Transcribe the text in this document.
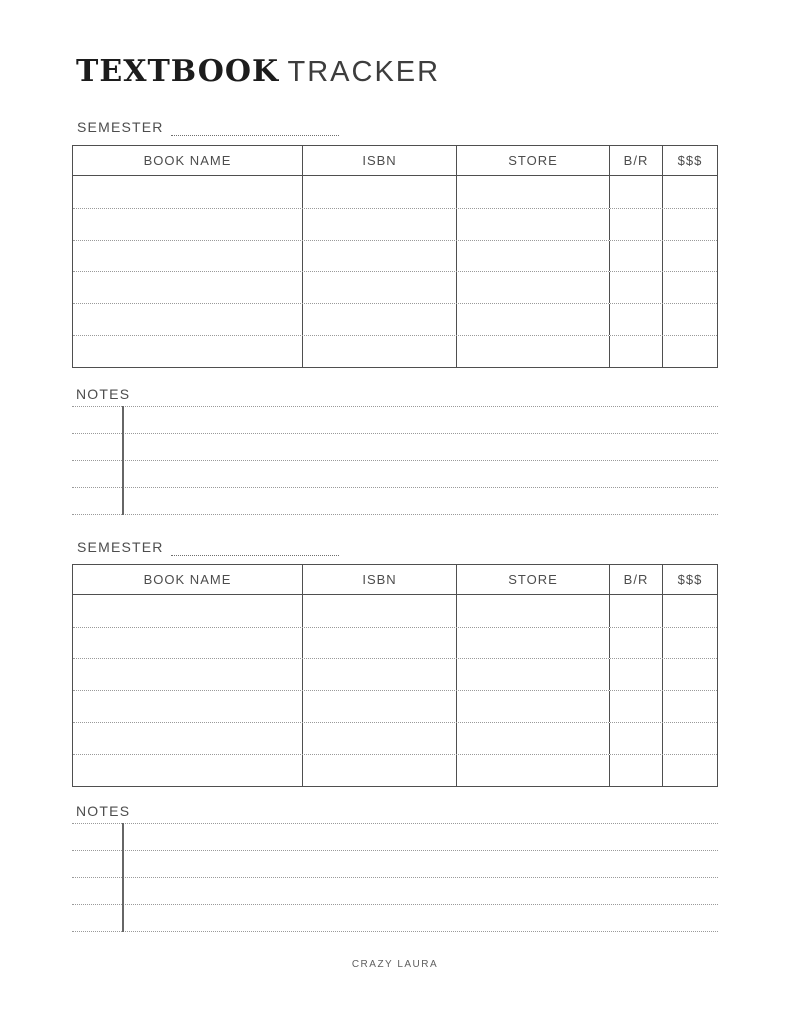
TEXTBOOK TRACKER
SEMESTER
BOOK NAME	ISBN	STORE	B/R	$$$
NOTES
SEMESTER
BOOK NAME	ISBN	STORE	B/R	$$$
NOTES
CRAZY LAURA
